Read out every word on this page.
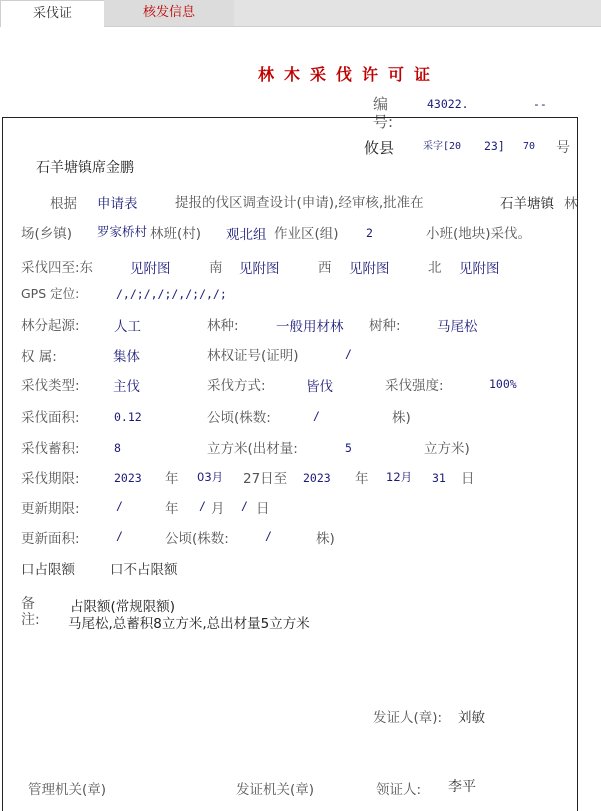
采伐证	核发信息
林木采伐许可证
编
号:
43022.	--
攸县	采字[20 23] 70 号
石羊塘镇席金鹏
根据 申请表	提报的伐区调查设计(申请),经审核,批准在	石羊塘镇 林
场(乡镇) 罗家桥村 林班(村) 观北组 作业区(组) 2	小班(地块)采伐。
采伐四至:东	见附图	南 见附图	西 见附图	北 见附图
GPS 定位:	/,/;/,/;/,/;/,/;
林分起源:	人工	林种:	一般用材林 树种:	马尾松
权 属:	集体	林权证号(证明)	/
采伐类型: 主伐	采伐方式:	皆伐	采伐强度:	100%
采伐面积:	0.12	公顷(株数:	/	株)
采伐蓄积:	8	立方米(出材量:	5	立方米)
采伐期限:	2023 年 03月 27日至 2023 年 12月 31 日
更新期限:	/	年 / 月 / 日
更新面积:	/	公顷(株数:	/	株)
口占限额	口不占限额
备
注:
占限额(常规限额)
马尾松,总蓄积8立方米,总出材量5立方米
发证人(章): 刘敏
管理机关(章)	发证机关(章)	领证人: 李平
